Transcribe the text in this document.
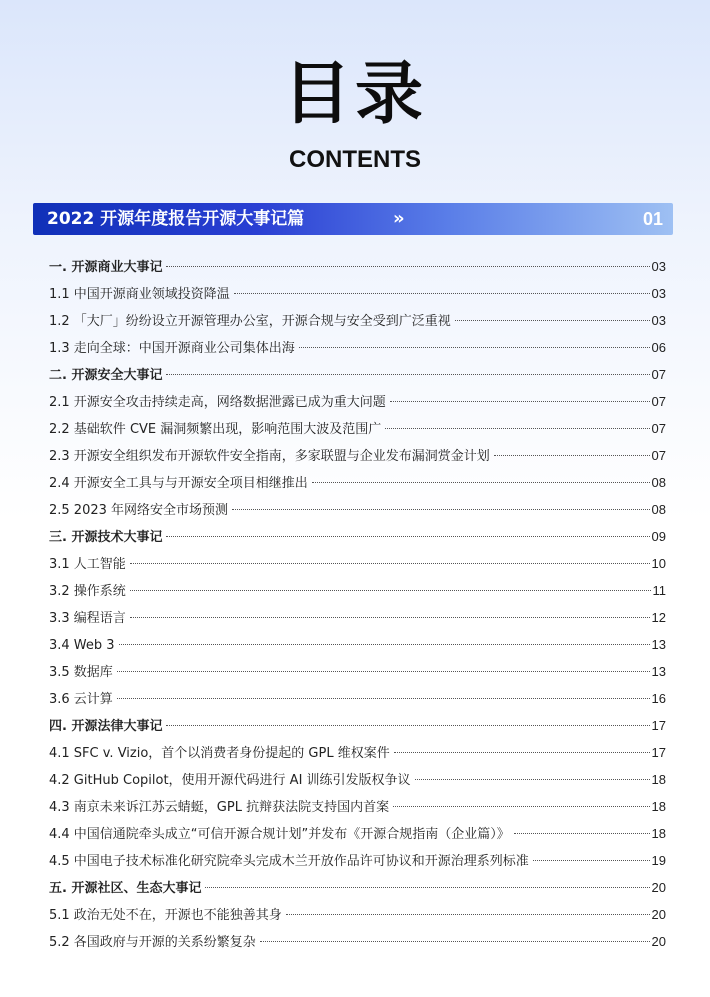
目录
CONTENTS
2022 开源年度报告开源大事记篇	»	01
一. 开源商业大事记	03
1.1 中国开源商业领域投资降温	03
1.2 「大厂」纷纷设立开源管理办公室，开源合规与安全受到广泛重视	03
1.3 走向全球：中国开源商业公司集体出海	06
二. 开源安全大事记	07
2.1 开源安全攻击持续走高，网络数据泄露已成为重大问题	07
2.2 基础软件 CVE 漏洞频繁出现，影响范围大波及范围广	07
2.3 开源安全组织发布开源软件安全指南，多家联盟与企业发布漏洞赏金计划	07
2.4 开源安全工具与与开源安全项目相继推出	08
2.5 2023 年网络安全市场预测	08
三. 开源技术大事记	09
3.1 人工智能	10
3.2 操作系统	11
3.3 编程语言	12
3.4 Web 3	13
3.5 数据库	13
3.6 云计算	16
四. 开源法律大事记	17
4.1 SFC v. Vizio，首个以消费者身份提起的 GPL 维权案件	17
4.2 GitHub Copilot，使用开源代码进行 AI 训练引发版权争议	18
4.3 南京未来诉江苏云蜻蜓，GPL 抗辩获法院支持国内首案	18
4.4 中国信通院牵头成立“可信开源合规计划”并发布《开源合规指南（企业篇）》	18
4.5 中国电子技术标准化研究院牵头完成木兰开放作品许可协议和开源治理系列标准	19
五. 开源社区、生态大事记	20
5.1 政治无处不在，开源也不能独善其身	20
5.2 各国政府与开源的关系纷繁复杂	20
